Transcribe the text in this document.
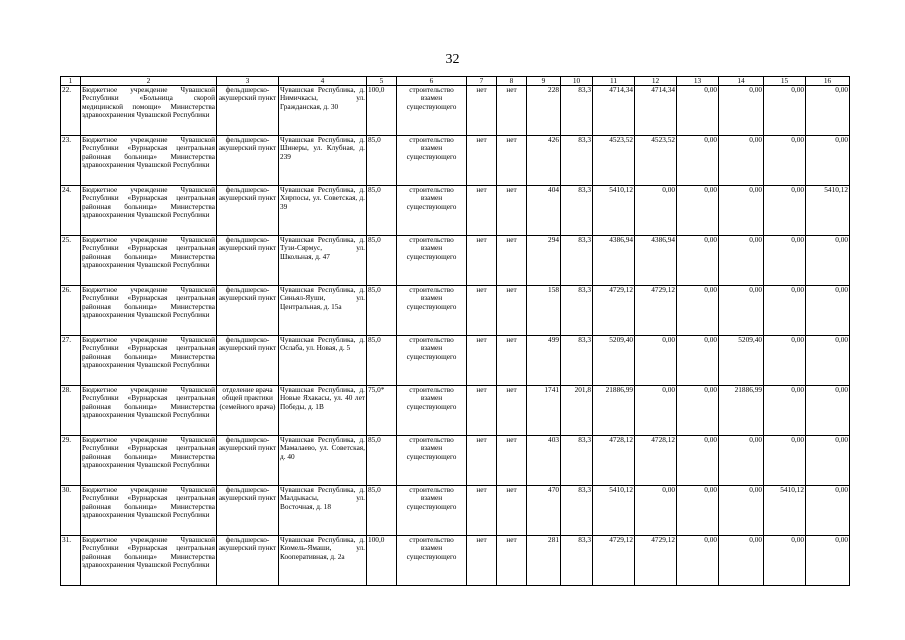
32
1	2	3	4	5	6	7	8	9	10	11	12	13	14	15	16
22.	Бюджетное учреждение Чувашской Республики «Больница скорой медицинской помощи» Министерства здравоохранения Чувашской Республики	фельдшерско-акушерский пункт	Чувашская Республика, д. Нимичкасы, ул. Гражданская, д. 30	100,0	строительство взамен существующего	нет	нет	228	83,3	4714,34	4714,34	0,00	0,00	0,00	0,00
23.	Бюджетное учреждение Чувашской Республики «Вурнарская центральная районная больница» Министерства здравоохранения Чувашской Республики	фельдшерско-акушерский пункт	Чувашская Республика, д. Шинеры, ул. Клубная, д. 239	85,0	строительство взамен существующего	нет	нет	426	83,3	4523,52	4523,52	0,00	0,00	0,00	0,00
24.	Бюджетное учреждение Чувашской Республики «Вурнарская центральная районная больница» Министерства здравоохранения Чувашской Республики	фельдшерско-акушерский пункт	Чувашская Республика, д. Хирпосы, ул. Советская, д. 39	85,0	строительство взамен существующего	нет	нет	404	83,3	5410,12	0,00	0,00	0,00	0,00	5410,12
25.	Бюджетное учреждение Чувашской Республики «Вурнарская центральная районная больница» Министерства здравоохранения Чувашской Республики	фельдшерско-акушерский пункт	Чувашская Республика, д. Тузи-Сярмус, ул. Школьная, д. 47	85,0	строительство взамен существующего	нет	нет	294	83,3	4386,94	4386,94	0,00	0,00	0,00	0,00
26.	Бюджетное учреждение Чувашской Республики «Вурнарская центральная районная больница» Министерства здравоохранения Чувашской Республики	фельдшерско-акушерский пункт	Чувашская Республика, д. Синьял-Яуши, ул. Центральная, д. 15а	85,0	строительство взамен существующего	нет	нет	158	83,3	4729,12	4729,12	0,00	0,00	0,00	0,00
27.	Бюджетное учреждение Чувашской Республики «Вурнарская центральная районная больница» Министерства здравоохранения Чувашской Республики	фельдшерско-акушерский пункт	Чувашская Республика, д. Ослаба, ул. Новая, д. 5	85,0	строительство взамен существующего	нет	нет	499	83,3	5209,40	0,00	0,00	5209,40	0,00	0,00
28.	Бюджетное учреждение Чувашской Республики «Вурнарская центральная районная больница» Министерства здравоохранения Чувашской Республики	отделение врача общей практики (семейного врача)	Чувашская Республика, д. Новые Яхакасы, ул. 40 лет Победы, д. 1В	75,0*	строительство взамен существующего	нет	нет	1741	201,8	21886,99	0,00	0,00	21886,99	0,00	0,00
29.	Бюджетное учреждение Чувашской Республики «Вурнарская центральная районная больница» Министерства здравоохранения Чувашской Республики	фельдшерско-акушерский пункт	Чувашская Республика, д. Мамалаево, ул. Советская, д. 40	85,0	строительство взамен существующего	нет	нет	403	83,3	4728,12	4728,12	0,00	0,00	0,00	0,00
30.	Бюджетное учреждение Чувашской Республики «Вурнарская центральная районная больница» Министерства здравоохранения Чувашской Республики	фельдшерско-акушерский пункт	Чувашская Республика, д. Малдыкасы, ул. Восточная, д. 18	85,0	строительство взамен существующего	нет	нет	470	83,3	5410,12	0,00	0,00	0,00	5410,12	0,00
31.	Бюджетное учреждение Чувашской Республики «Вурнарская центральная районная больница» Министерства здравоохранения Чувашской Республики	фельдшерско-акушерский пункт	Чувашская Республика, д. Кюмель-Ямаши, ул. Кооперативная, д. 2а	100,0	строительство взамен существующего	нет	нет	281	83,3	4729,12	4729,12	0,00	0,00	0,00	0,00
